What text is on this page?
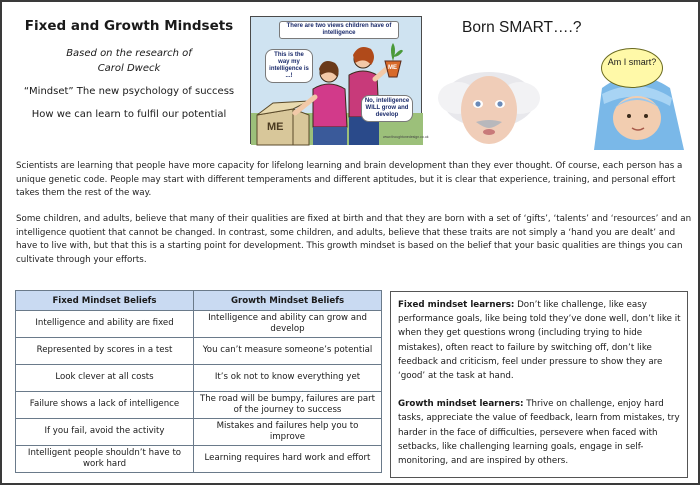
Fixed and Growth Mindsets
Based on the research of
Carol Dweck
“Mindset” The new psychology of success
How we can learn to fulfil our potential
There are two views children have of intelligence
This is the way my intelligence is ...!
No, intelligence WILL grow and develop
ME
ME
www.thoughtonedesign.co.uk
Born SMART….?
Am I smart?
Scientists are learning that people have more capacity for lifelong learning and brain development than they ever thought. Of course, each person has a unique genetic code. People may start with different temperaments and different aptitudes, but it is clear that experience, training, and personal effort takes them the rest of the way.
Some children, and adults, believe that many of their qualities are fixed at birth and that they are born with a set of ‘gifts’, ‘talents’ and ‘resources’ and an intelligence quotient that cannot be changed. In contrast, some children, and adults, believe that these traits are not simply a ‘hand you are dealt’ and have to live with, but that this is a starting point for development. This growth mindset is based on the belief that your basic qualities are things you can cultivate through your efforts.
Fixed Mindset Beliefs	Growth Mindset Beliefs
Intelligence and ability are fixed	Intelligence and ability can grow and develop
Represented by scores in a test	You can’t measure someone’s potential
Look clever at all costs	It’s ok not to know everything yet
Failure shows a lack of intelligence	The road will be bumpy, failures are part of the journey to success
If you fail, avoid the activity	Mistakes and failures help you to improve
Intelligent people shouldn’t have to work hard	Learning requires hard work and effort
Fixed mindset learners: Don’t like challenge, like easy performance goals, like being told they’ve done well, don’t like it when they get questions wrong (including trying to hide mistakes), often react to failure by switching off, don’t like feedback and criticism, feel under pressure to show they are ‘good’ at the task at hand.
Growth mindset learners: Thrive on challenge, enjoy hard tasks, appreciate the value of feedback, learn from mistakes, try harder in the face of difficulties, persevere when faced with setbacks, like challenging learning goals, engage in self-monitoring, and are inspired by others.
